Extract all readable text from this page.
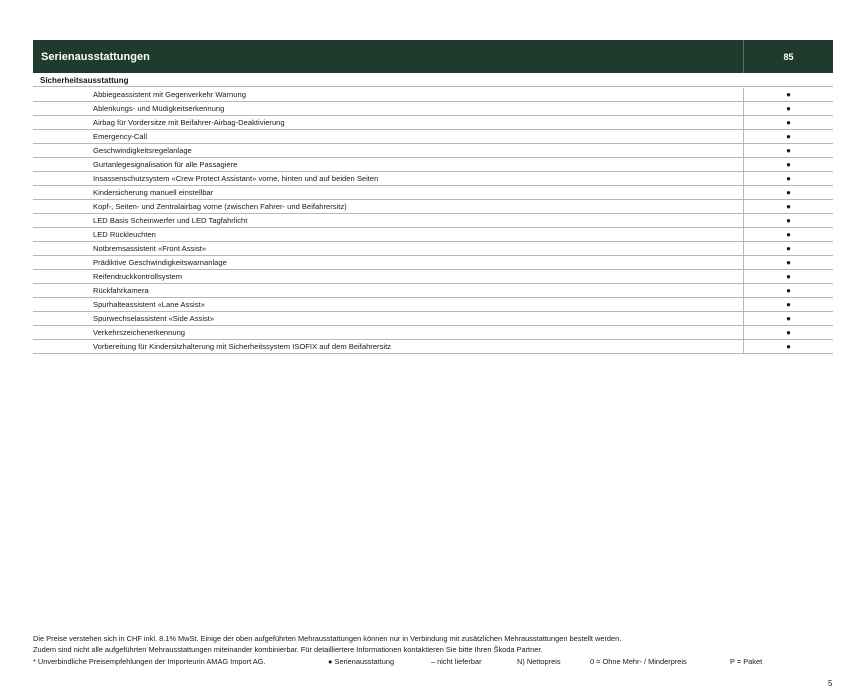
Serienausstattungen	85
Sicherheitsausstattung
Abbiegeassistent mit Gegenverkehr Warnung	●
Ablenkungs- und Müdigkeitserkennung	●
Airbag für Vordersitze mit Beifahrer-Airbag-Deaktivierung	●
Emergency-Call	●
Geschwindigkeitsregelanlage	●
Gurtanlegesignalisation für alle Passagiere	●
Insassenschutzsystem «Crew Protect Assistant» vorne, hinten und auf beiden Seiten	●
Kindersicherung manuell einstellbar	●
Kopf-, Seiten- und Zentralairbag vorne (zwischen Fahrer- und Beifahrersitz)	●
LED Basis Scheinwerfer und LED Tagfahrlicht	●
LED Rückleuchten	●
Notbremsassistent «Front Assist»	●
Prädiktive Geschwindigkeitswarnanlage	●
Reifendruckkontrollsystem	●
Rückfahrkamera	●
Spurhalteassistent «Lane Assist»	●
Spurwechselassistent «Side Assist»	●
Verkehrszeichenerkennung	●
Vorbereitung für Kindersitzhalterung mit Sicherheitssystem ISOFIX auf dem Beifahrersitz	●

Die Preise verstehen sich in CHF inkl. 8.1% MwSt. Einige der oben aufgeführten Mehrausstattungen können nur in Verbindung mit zusätzlichen Mehrausstattungen bestellt werden.

Zudem sind nicht alle aufgeführten Mehrausstattungen miteinander kombinierbar. Für detailliertere Informationen kontaktieren Sie bitte Ihren Škoda Partner.

* Unverbindliche Preisempfehlungen der Importeurin AMAG Import AG.	● Serienausstattung	– nicht lieferbar	N) Nettopreis	0 = Ohne Mehr- / Minderpreis	P = Paket
5
